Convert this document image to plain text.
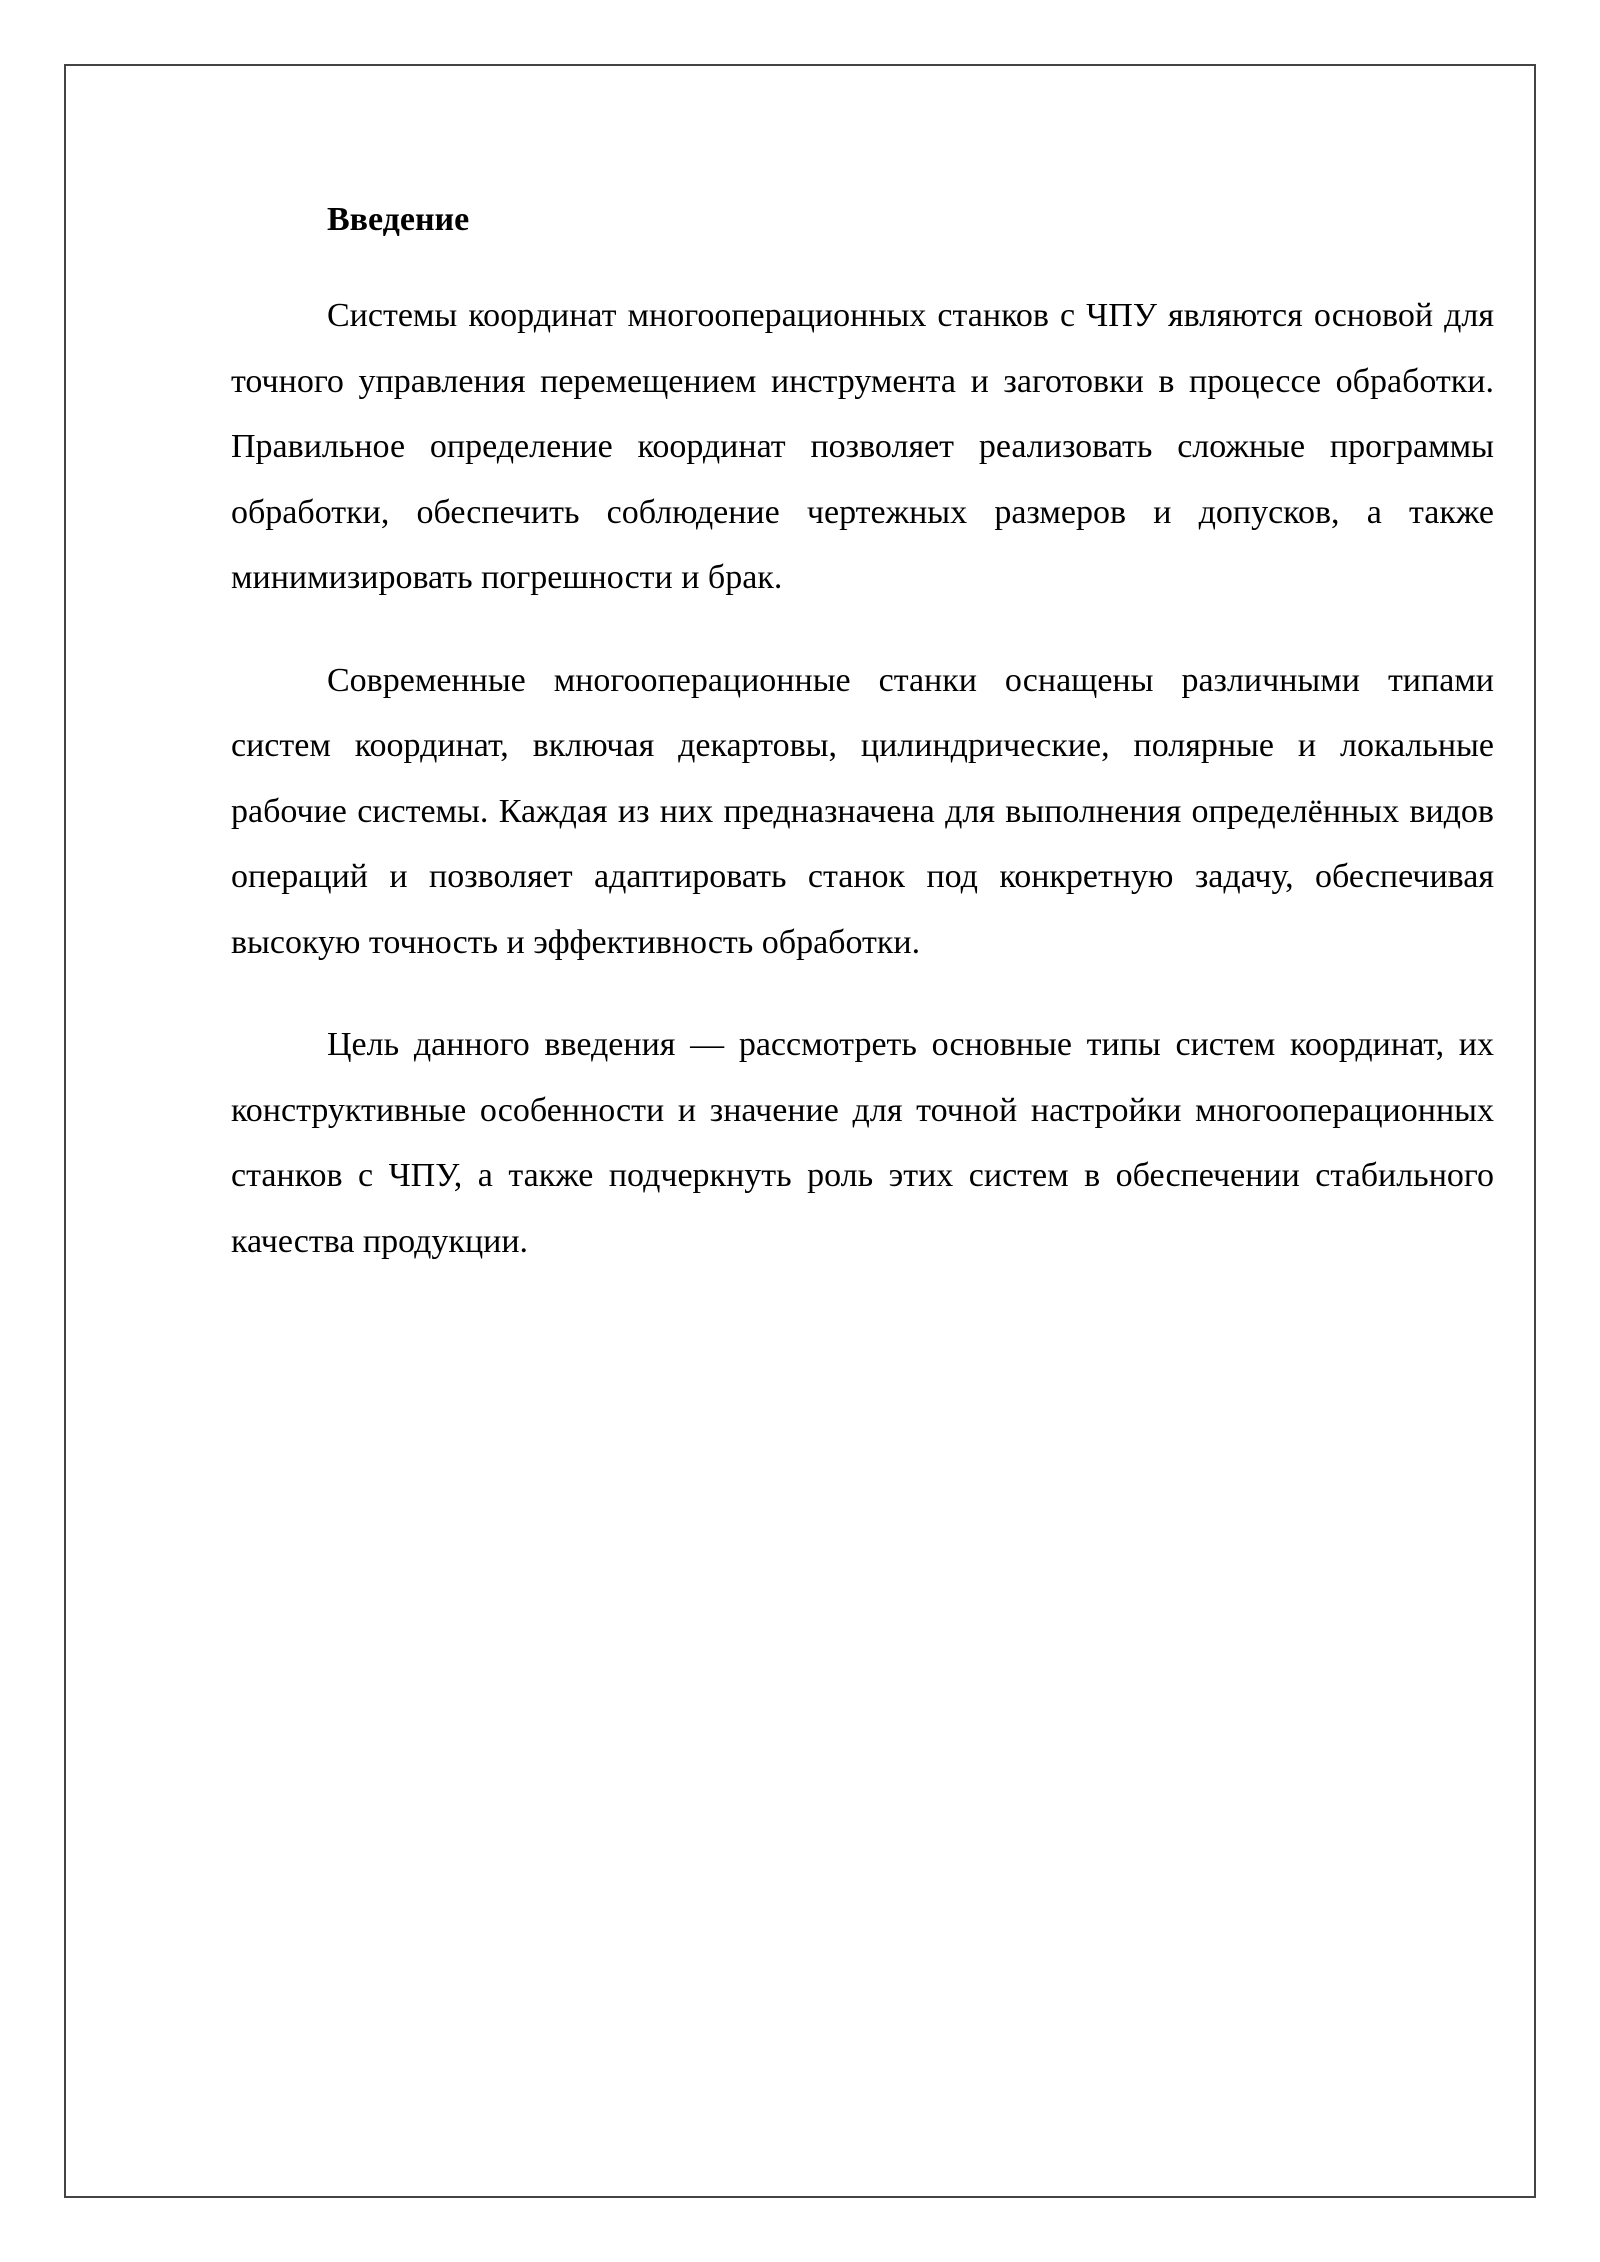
Введение

Системы координат многооперационных станков с ЧПУ являются основой для точного управления перемещением инструмента и заготовки в процессе обработки. Правильное определение координат позволяет реализовать сложные программы обработки, обеспечить соблюдение чертежных размеров и допусков, а также минимизировать погрешности и брак.

Современные многооперационные станки оснащены различными типами систем координат, включая декартовы, цилиндрические, полярные и локальные рабочие системы. Каждая из них предназначена для выполнения определённых видов операций и позволяет адаптировать станок под конкретную задачу, обеспечивая высокую точность и эффективность обработки.

Цель данного введения — рассмотреть основные типы систем координат, их конструктивные особенности и значение для точной настройки многооперационных станков с ЧПУ, а также подчеркнуть роль этих систем в обеспечении стабильного качества продукции.
